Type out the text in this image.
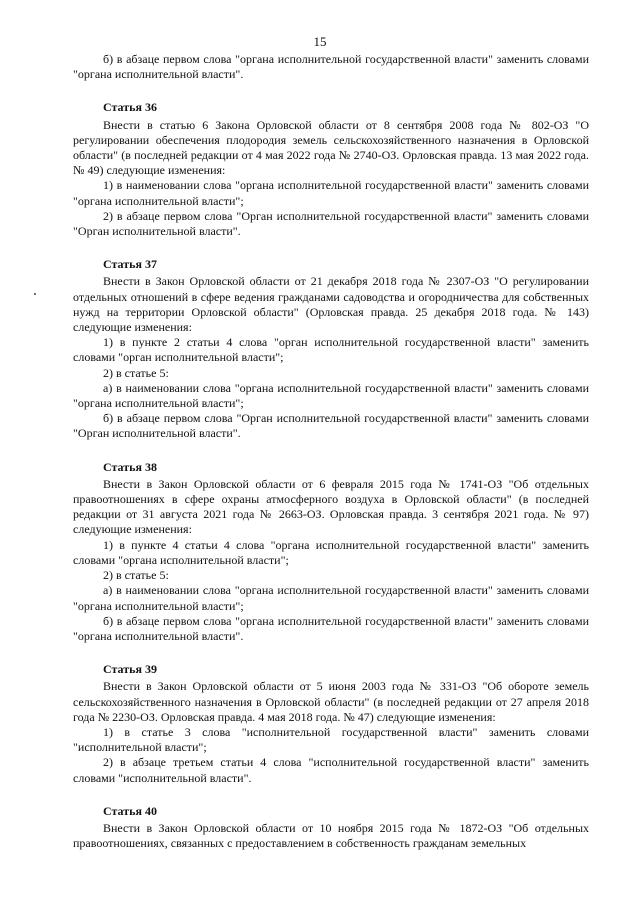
15

б) в абзаце первом слова "органа исполнительной государственной власти" заменить словами "органа исполнительной власти".

Статья 36

Внести в статью 6 Закона Орловской области от 8 сентября 2008 года № 802-ОЗ "О регулировании обеспечения плодородия земель сельскохозяйственного назначения в Орловской области" (в последней редакции от 4 мая 2022 года № 2740-ОЗ. Орловская правда. 13 мая 2022 года. № 49) следующие изменения:

1) в наименовании слова "органа исполнительной государственной власти" заменить словами "органа исполнительной власти";

2) в абзаце первом слова "Орган исполнительной государственной власти" заменить словами "Орган исполнительной власти".

Статья 37

Внести в Закон Орловской области от 21 декабря 2018 года № 2307-ОЗ "О регулировании отдельных отношений в сфере ведения гражданами садоводства и огородничества для собственных нужд на территории Орловской области" (Орловская правда. 25 декабря 2018 года. № 143) следующие изменения:

1) в пункте 2 статьи 4 слова "орган исполнительной государственной власти" заменить словами "орган исполнительной власти";

2) в статье 5:

а) в наименовании слова "органа исполнительной государственной власти" заменить словами "органа исполнительной власти";

б) в абзаце первом слова "Орган исполнительной государственной власти" заменить словами "Орган исполнительной власти".

Статья 38

Внести в Закон Орловской области от 6 февраля 2015 года № 1741-ОЗ "Об отдельных правоотношениях в сфере охраны атмосферного воздуха в Орловской области" (в последней редакции от 31 августа 2021 года № 2663-ОЗ. Орловская правда. 3 сентября 2021 года. № 97) следующие изменения:

1) в пункте 4 статьи 4 слова "органа исполнительной государственной власти" заменить словами "органа исполнительной власти";

2) в статье 5:

а) в наименовании слова "органа исполнительной государственной власти" заменить словами "органа исполнительной власти";

б) в абзаце первом слова "органа исполнительной государственной власти" заменить словами "органа исполнительной власти".

Статья 39

Внести в Закон Орловской области от 5 июня 2003 года № 331-ОЗ "Об обороте земель сельскохозяйственного назначения в Орловской области" (в последней редакции от 27 апреля 2018 года № 2230-ОЗ. Орловская правда. 4 мая 2018 года. № 47) следующие изменения:

1) в статье 3 слова "исполнительной государственной власти" заменить словами "исполнительной власти";

2) в абзаце третьем статьи 4 слова "исполнительной государственной власти" заменить словами "исполнительной власти".

Статья 40

Внести в Закон Орловской области от 10 ноября 2015 года № 1872-ОЗ "Об отдельных правоотношениях, связанных с предоставлением в собственность гражданам земельных
